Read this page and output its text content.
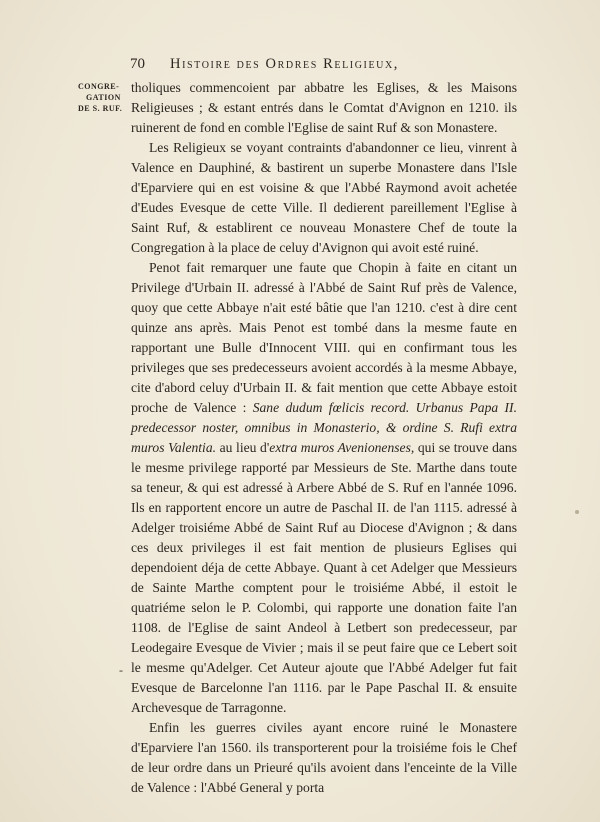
70 Histoire des Ordres Religieux,
CONGRE-
GATION
DE S. RUF.

tholiques commencoient par abbatre les Eglises, & les Maisons Religieuses ; & estant entrés dans le Comtat d'Avignon en 1210. ils ruinerent de fond en comble l'Eglise de saint Ruf & son Monastere.

Les Religieux se voyant contraints d'abandonner ce lieu, vinrent à Valence en Dauphiné, & bastirent un superbe Monastere dans l'Isle d'Eparviere qui en est voisine & que l'Abbé Raymond avoit achetée d'Eudes Evesque de cette Ville. Il dedierent pareillement l'Eglise à Saint Ruf, & establirent ce nouveau Monastere Chef de toute la Congregation à la place de celuy d'Avignon qui avoit esté ruiné.

Penot fait remarquer une faute que Chopin à faite en citant un Privilege d'Urbain II. adressé à l'Abbé de Saint Ruf près de Valence, quoy que cette Abbaye n'ait esté bâtie que l'an 1210. c'est à dire cent quinze ans après. Mais Penot est tombé dans la mesme faute en rapportant une Bulle d'Innocent VIII. qui en confirmant tous les privileges que ses predecesseurs avoient accordés à la mesme Abbaye, cite d'abord celuy d'Urbain II. & fait mention que cette Abbaye estoit proche de Valence : Sane dudum fœlicis record. Urbanus Papa II. predecessor noster, omnibus in Monasterio, & ordine S. Rufi extra muros Valentia. au lieu d'extra muros Avenionenses, qui se trouve dans le mesme privilege rapporté par Messieurs de Ste. Marthe dans toute sa teneur, & qui est adressé à Arbere Abbé de S. Ruf en l'année 1096. Ils en rapportent encore un autre de Paschal II. de l'an 1115. adressé à Adelger troisiéme Abbé de Saint Ruf au Diocese d'Avignon ; & dans ces deux privileges il est fait mention de plusieurs Eglises qui dependoient déja de cette Abbaye. Quant à cet Adelger que Messieurs de Sainte Marthe comptent pour le troisiéme Abbé, il estoit le quatriéme selon le P. Colombi, qui rapporte une donation faite l'an 1108. de l'Eglise de saint Andeol à Letbert son predecesseur, par Leodegaire Evesque de Vivier ; mais il se peut faire que ce Lebert soit le mesme qu'Adelger. Cet Auteur ajoute que l'Abbé Adelger fut fait Evesque de Barcelonne l'an 1116. par le Pape Paschal II. & ensuite Archevesque de Tarragonne.

Enfin les guerres civiles ayant encore ruiné le Monastere d'Eparviere l'an 1560. ils transporterent pour la troisiéme fois le Chef de leur ordre dans un Prieuré qu'ils avoient dans l'enceinte de la Ville de Valence : l'Abbé General y porta

-
